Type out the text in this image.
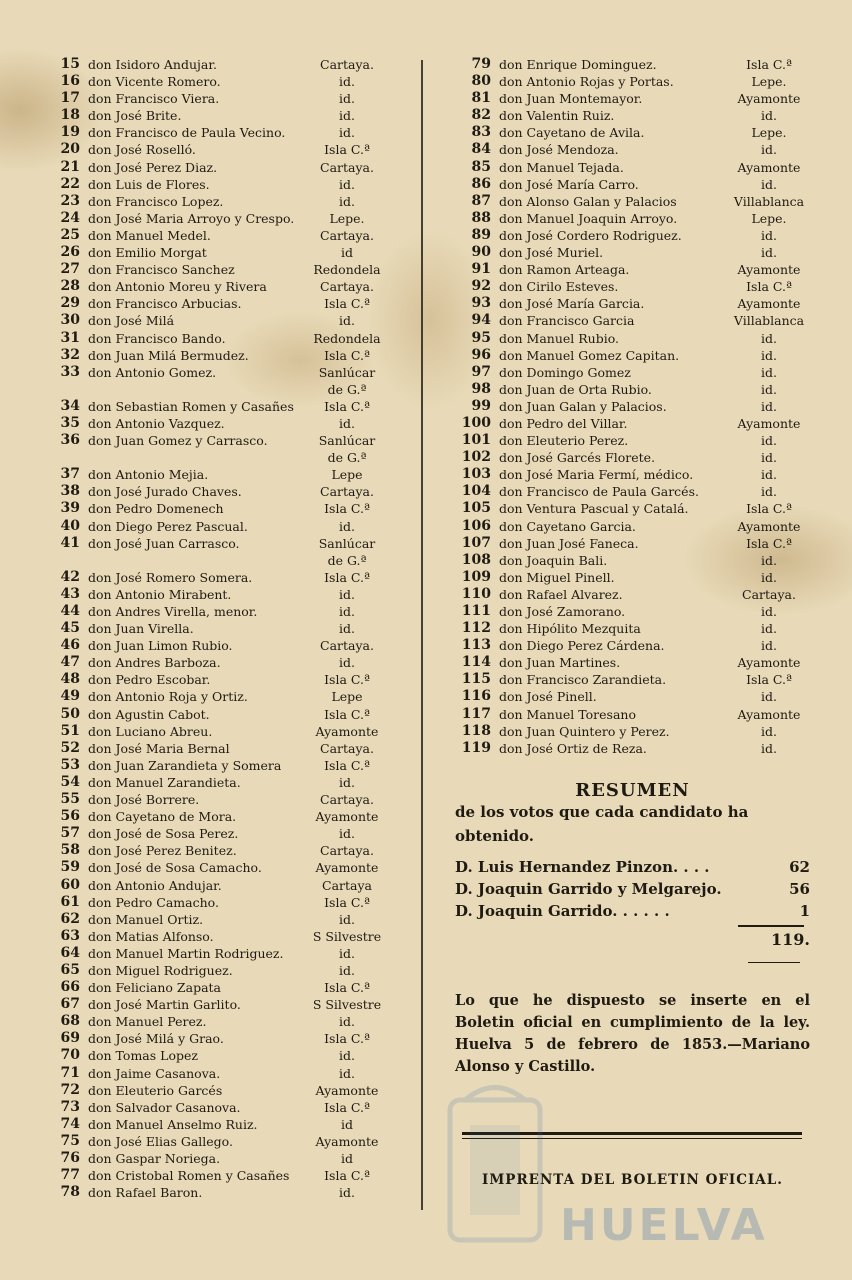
15 don Isidoro Andujar.	Cartaya.
16 don Vicente Romero.	id.
17 don Francisco Viera.	id.
18 don José Brite.	id.
19 don Francisco de Paula Vecino.	id.
20 don José Roselló.	Isla C.ª
21 don José Perez Diaz.	Cartaya.
22 don Luis de Flores.	id.
23 don Francisco Lopez.	id.
24 don José Maria Arroyo y Crespo.	Lepe.
25 don Manuel Medel.	Cartaya.
26 don Emilio Morgat	id
27 don Francisco Sanchez	Redondela
28 don Antonio Moreu y Rivera	Cartaya.
29 don Francisco Arbucias.	Isla C.ª
30 don José Milá	id.
31 don Francisco Bando.	Redondela
32 don Juan Milá Bermudez.	Isla C.ª
33 don Antonio Gomez.	Sanlúcar de G.ª
34 don Sebastian Romen y Casañes	Isla C.ª
35 don Antonio Vazquez.	id.
36 don Juan Gomez y Carrasco.	Sanlúcar de G.ª
37 don Antonio Mejia.	Lepe
38 don José Jurado Chaves.	Cartaya.
39 don Pedro Domenech	Isla C.ª
40 don Diego Perez Pascual.	id.
41 don José Juan Carrasco.	Sanlúcar de G.ª
42 don José Romero Somera.	Isla C.ª
43 don Antonio Mirabent.	id.
44 don Andres Virella, menor.	id.
45 don Juan Virella.	id.
46 don Juan Limon Rubio.	Cartaya.
47 don Andres Barboza.	id.
48 don Pedro Escobar.	Isla C.ª
49 don Antonio Roja y Ortiz.	Lepe
50 don Agustin Cabot.	Isla C.ª
51 don Luciano Abreu.	Ayamonte
52 don José Maria Bernal	Cartaya.
53 don Juan Zarandieta y Somera	Isla C.ª
54 don Manuel Zarandieta.	id.
55 don José Borrere.	Cartaya.
56 don Cayetano de Mora.	Ayamonte
57 don José de Sosa Perez.	id.
58 don José Perez Benitez.	Cartaya.
59 don José de Sosa Camacho.	Ayamonte
60 don Antonio Andujar.	Cartaya
61 don Pedro Camacho.	Isla C.ª
62 don Manuel Ortiz.	id.
63 don Matias Alfonso.	S Silvestre
64 don Manuel Martin Rodriguez.	id.
65 don Miguel Rodriguez.	id.
66 don Feliciano Zapata	Isla C.ª
67 don José Martin Garlito.	S Silvestre
68 don Manuel Perez.	id.
69 don José Milá y Grao.	Isla C.ª
70 don Tomas Lopez	id.
71 don Jaime Casanova.	id.
72 don Eleuterio Garcés	Ayamonte
73 don Salvador Casanova.	Isla C.ª
74 don Manuel Anselmo Ruiz.	id
75 don José Elias Gallego.	Ayamonte
76 don Gaspar Noriega.	id
77 don Cristobal Romen y Casañes	Isla C.ª
78 don Rafael Baron.	id.
79 don Enrique Dominguez.	Isla C.ª
80 don Antonio Rojas y Portas.	Lepe.
81 don Juan Montemayor.	Ayamonte
82 don Valentin Ruiz.	id.
83 don Cayetano de Avila.	Lepe.
84 don José Mendoza.	id.
85 don Manuel Tejada.	Ayamonte
86 don José María Carro.	id.
87 don Alonso Galan y Palacios	Villablanca
88 don Manuel Joaquin Arroyo.	Lepe.
89 don José Cordero Rodriguez.	id.
90 don José Muriel.	id.
91 don Ramon Arteaga.	Ayamonte
92 don Cirilo Esteves.	Isla C.ª
93 don José María Garcia.	Ayamonte
94 don Francisco Garcia	Villablanca
95 don Manuel Rubio.	id.
96 don Manuel Gomez Capitan.	id.
97 don Domingo Gomez	id.
98 don Juan de Orta Rubio.	id.
99 don Juan Galan y Palacios.	id.
100 don Pedro del Villar.	Ayamonte
101 don Eleuterio Perez.	id.
102 don José Garcés Florete.	id.
103 don José Maria Fermí, médico.	id.
104 don Francisco de Paula Garcés.	id.
105 don Ventura Pascual y Catalá.	Isla C.ª
106 don Cayetano Garcia.	Ayamonte
107 don Juan José Faneca.	Isla C.ª
108 don Joaquin Bali.	id.
109 don Miguel Pinell.	id.
110 don Rafael Alvarez.	Cartaya.
111 don José Zamorano.	id.
112 don Hipólito Mezquita	id.
113 don Diego Perez Cárdena.	id.
114 don Juan Martines.	Ayamonte
115 don Francisco Zarandieta.	Isla C.ª
116 don José Pinell.	id.
117 don Manuel Toresano	Ayamonte
118 don Juan Quintero y Perez.	id.
119 don José Ortiz de Reza.	id.
RESUMEN
de los votos que cada candidato ha obtenido.
D. Luis Hernandez Pinzon. . . .	62
D. Joaquin Garrido y Melgarejo.	56
D. Joaquin Garrido. . . . . .	1
119.
Lo que he dispuesto se inserte en el Boletin oficial en cumplimiento de la ley. Huelva 5 de febrero de 1853.—Mariano Alonso y Castillo.
IMPRENTA DEL BOLETIN OFICIAL.
HUELVA
